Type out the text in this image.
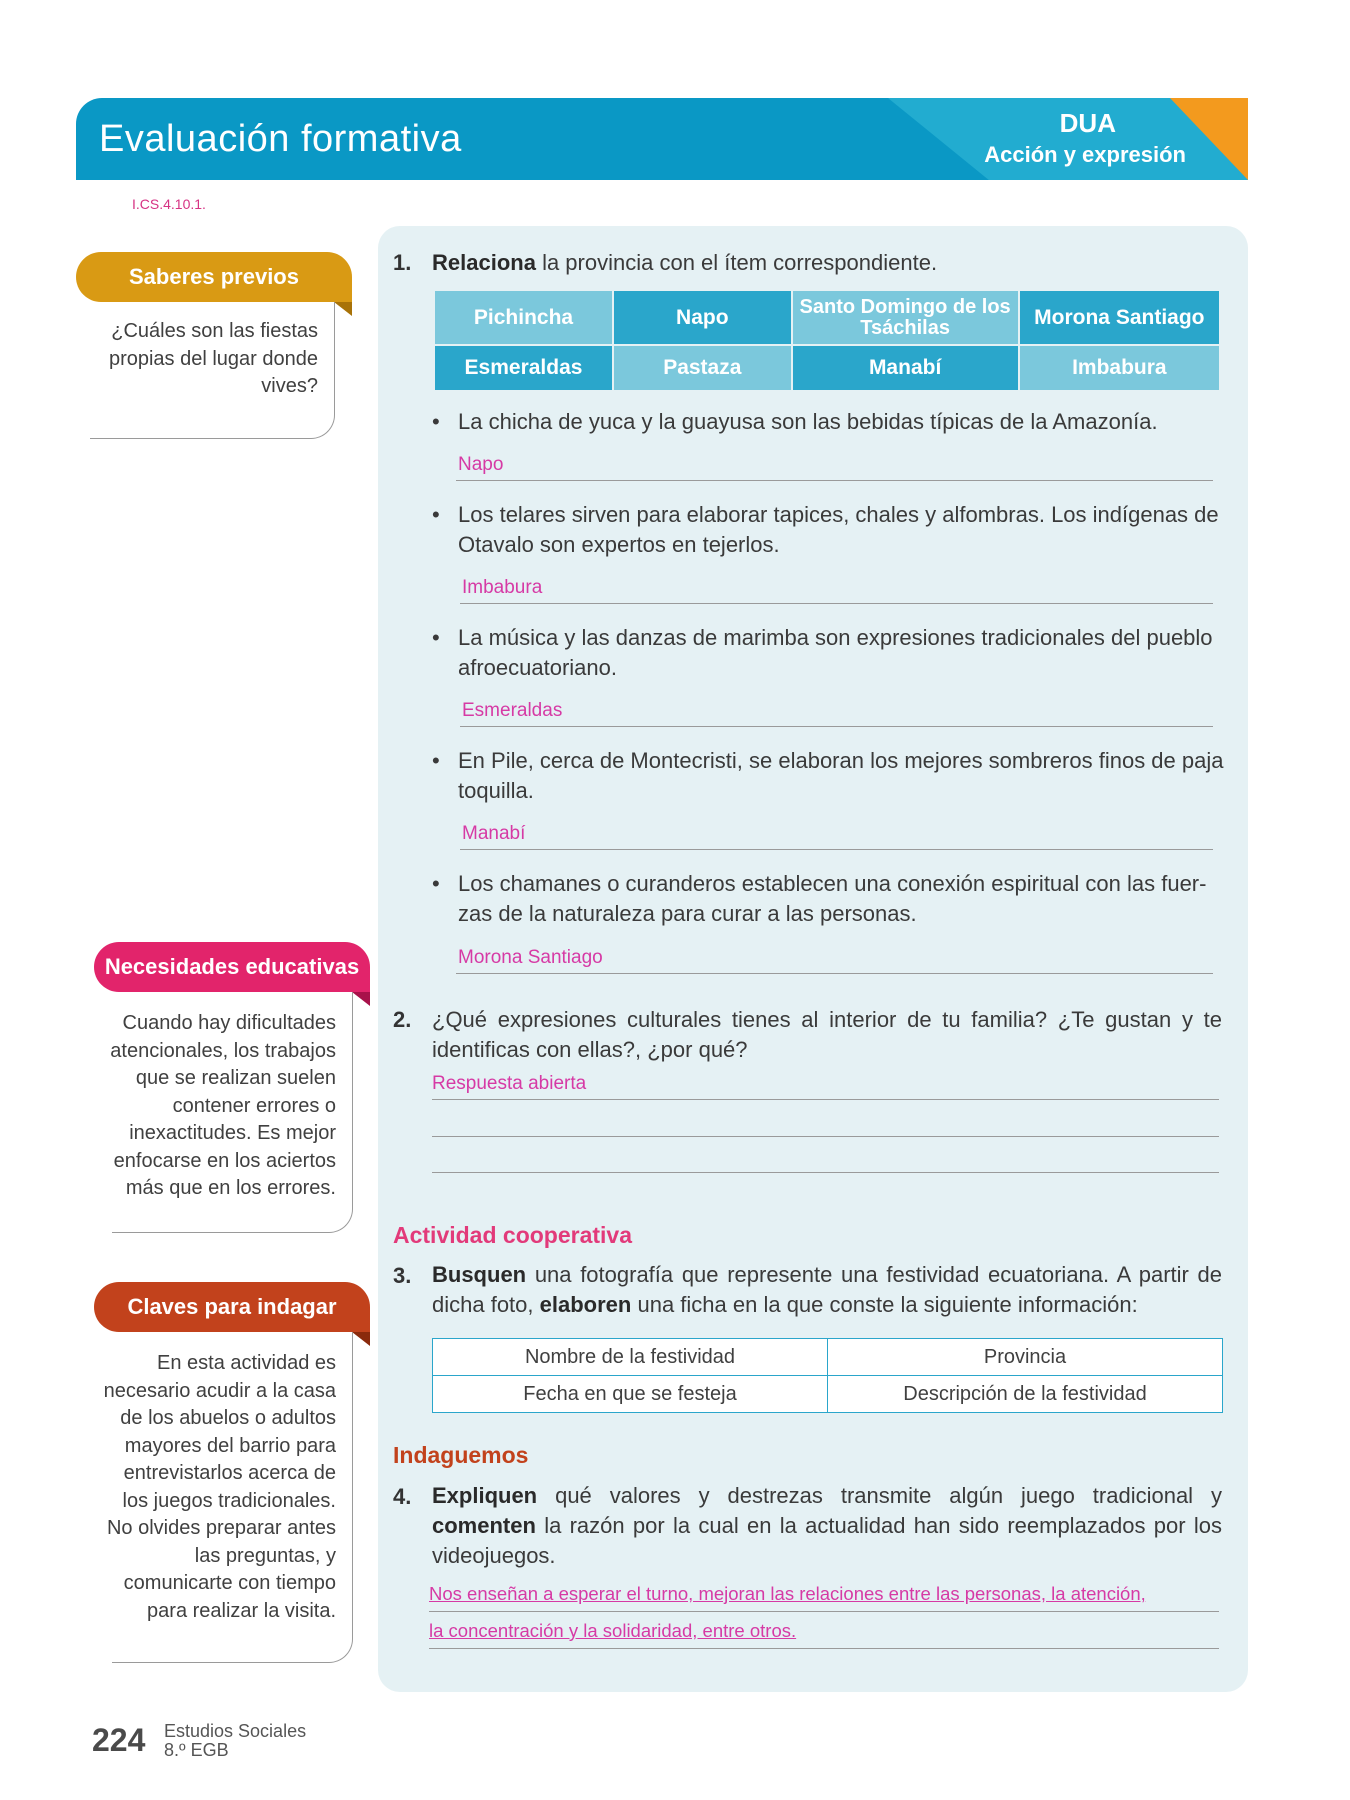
Evaluación formativa	DUA
Acción y expresión
I.CS.4.10.1.
Saberes previos
¿Cuáles son las fiestas propias del lugar donde vives?
Necesidades educativas
Cuando hay dificultades atencionales, los trabajos que se realizan suelen contener errores o inexactitudes. Es mejor enfocarse en los aciertos más que en los errores.
Claves para indagar
En esta actividad es necesario acudir a la casa de los abuelos o adultos mayores del barrio para entrevistarlos acerca de los juegos tradicionales. No olvides preparar antes las preguntas, y comunicarte con tiempo para realizar la visita.
1. Relaciona la provincia con el ítem correspondiente.
Pichincha	Napo	Santo Domingo de los Tsáchilas	Morona Santiago
Esmeraldas	Pastaza	Manabí	Imbabura
• La chicha de yuca y la guayusa son las bebidas típicas de la Amazonía.
Napo
• Los telares sirven para elaborar tapices, chales y alfombras. Los indígenas de Otavalo son expertos en tejerlos.
Imbabura
• La música y las danzas de marimba son expresiones tradicionales del pueblo afroecuatoriano.
Esmeraldas
• En Pile, cerca de Montecristi, se elaboran los mejores sombreros finos de paja toquilla.
Manabí
• Los chamanes o curanderos establecen una conexión espiritual con las fuer-zas de la naturaleza para curar a las personas.
Morona Santiago
2. ¿Qué expresiones culturales tienes al interior de tu familia? ¿Te gustan y te identificas con ellas?, ¿por qué?
Respuesta abierta
Actividad cooperativa
3. Busquen una fotografía que represente una festividad ecuatoriana. A partir de dicha foto, elaboren una ficha en la que conste la siguiente información:
Nombre de la festividad	Provincia
Fecha en que se festeja	Descripción de la festividad
Indaguemos
4. Expliquen qué valores y destrezas transmite algún juego tradicional y comenten la razón por la cual en la actualidad han sido reemplazados por los videojuegos.
Nos enseñan a esperar el turno, mejoran las relaciones entre las personas, la atención,
la concentración y la solidaridad, entre otros.
224 Estudios Sociales
8.º EGB
